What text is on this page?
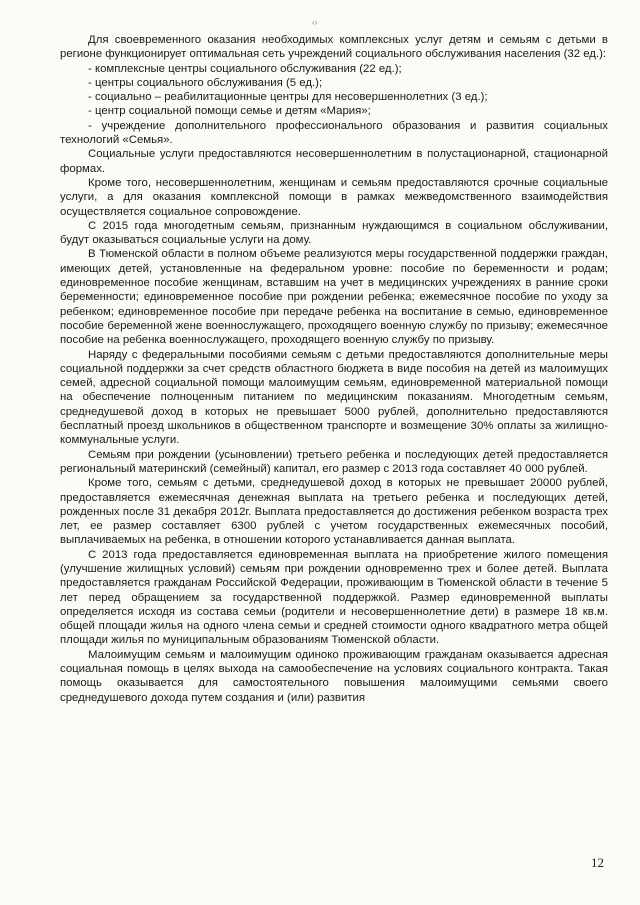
‹›

Для своевременного оказания необходимых комплексных услуг детям и семьям с детьми в регионе функционирует оптимальная сеть учреждений социального обслуживания населения (32 ед.):

- комплексные центры социального обслуживания (22 ед.);
- центры социального обслуживания (5 ед.);
- социально – реабилитационные центры для несовершеннолетних (3 ед.);
- центр социальной помощи семье и детям «Мария»;
- учреждение дополнительного профессионального образования и развития социальных технологий «Семья».

Социальные услуги предоставляются несовершеннолетним в полустационарной, стационарной формах.

Кроме того, несовершеннолетним, женщинам и семьям предоставляются срочные социальные услуги, а для оказания комплексной помощи в рамках межведомственного взаимодействия осуществляется социальное сопровождение.

С 2015 года многодетным семьям, признанным нуждающимся в социальном обслуживании, будут оказываться социальные услуги на дому.

В Тюменской области в полном объеме реализуются меры государственной поддержки граждан, имеющих детей, установленные на федеральном уровне: пособие по беременности и родам; единовременное пособие женщинам, вставшим на учет в медицинских учреждениях в ранние сроки беременности; единовременное пособие при рождении ребенка; ежемесячное пособие по уходу за ребенком; единовременное пособие при передаче ребенка на воспитание в семью, единовременное пособие беременной жене военнослужащего, проходящего военную службу по призыву; ежемесячное пособие на ребенка военнослужащего, проходящего военную службу по призыву.

Наряду с федеральными пособиями семьям с детьми предоставляются дополнительные меры социальной поддержки за счет средств областного бюджета в виде пособия на детей из малоимущих семей, адресной социальной помощи малоимущим семьям, единовременной материальной помощи на обеспечение полноценным питанием по медицинским показаниям. Многодетным семьям, среднедушевой доход в которых не превышает 5000 рублей, дополнительно предоставляются бесплатный проезд школьников в общественном транспорте и возмещение 30% оплаты за жилищно-коммунальные услуги.

Семьям при рождении (усыновлении) третьего ребенка и последующих детей предоставляется региональный материнский (семейный) капитал, его размер с 2013 года составляет 40 000 рублей.

Кроме того, семьям с детьми, среднедушевой доход в которых не превышает 20000 рублей, предоставляется ежемесячная денежная выплата на третьего ребенка и последующих детей, рожденных после 31 декабря 2012г. Выплата предоставляется до достижения ребенком возраста трех лет, ее размер составляет 6300 рублей с учетом государственных ежемесячных пособий, выплачиваемых на ребенка, в отношении которого устанавливается данная выплата.

С 2013 года предоставляется единовременная выплата на приобретение жилого помещения (улучшение жилищных условий) семьям при рождении одновременно трех и более детей. Выплата предоставляется гражданам Российской Федерации, проживающим в Тюменской области в течение 5 лет перед обращением за государственной поддержкой. Размер единовременной выплаты определяется исходя из состава семьи (родители и несовершеннолетние дети) в размере 18 кв.м. общей площади жилья на одного члена семьи и средней стоимости одного квадратного метра общей площади жилья по муниципальным образованиям Тюменской области.

Малоимущим семьям и малоимущим одиноко проживающим гражданам оказывается адресная социальная помощь в целях выхода на самообеспечение на условиях социального контракта. Такая помощь оказывается для самостоятельного повышения малоимущими семьями своего среднедушевого дохода путем создания и (или) развития

12
